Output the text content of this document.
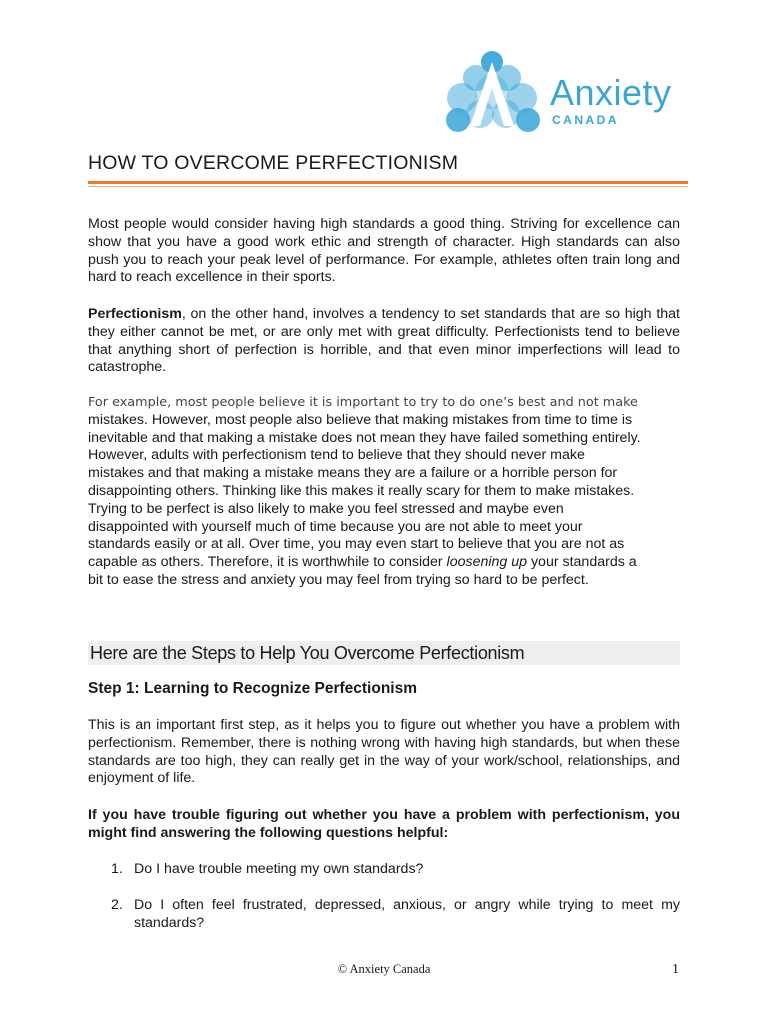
Anxiety
CANADA
HOW TO OVERCOME PERFECTIONISM

Most people would consider having high standards a good thing. Striving for excellence can show that you have a good work ethic and strength of character. High standards can also push you to reach your peak level of performance. For example, athletes often train long and hard to reach excellence in their sports.

Perfectionism, on the other hand, involves a tendency to set standards that are so high that they either cannot be met, or are only met with great difficulty. Perfectionists tend to believe that anything short of perfection is horrible, and that even minor imperfections will lead to catastrophe.

For example, most people believe it is important to try to do one’s best and not make
mistakes. However, most people also believe that making mistakes from time to time is
inevitable and that making a mistake does not mean they have failed something entirely.
However, adults with perfectionism tend to believe that they should never make
mistakes and that making a mistake means they are a failure or a horrible person for
disappointing others. Thinking like this makes it really scary for them to make mistakes.
Trying to be perfect is also likely to make you feel stressed and maybe even
disappointed with yourself much of time because you are not able to meet your
standards easily or at all. Over time, you may even start to believe that you are not as
capable as others. Therefore, it is worthwhile to consider loosening up your standards a
bit to ease the stress and anxiety you may feel from trying so hard to be perfect.

Here are the Steps to Help You Overcome Perfectionism
Step 1: Learning to Recognize Perfectionism

This is an important first step, as it helps you to figure out whether you have a problem with perfectionism. Remember, there is nothing wrong with having high standards, but when these standards are too high, they can really get in the way of your work/school, relationships, and enjoyment of life.

If you have trouble figuring out whether you have a problem with perfectionism, you might find answering the following questions helpful:

1. Do I have trouble meeting my own standards?
2. Do I often feel frustrated, depressed, anxious, or angry while trying to meet my standards?
© Anxiety Canada	1
